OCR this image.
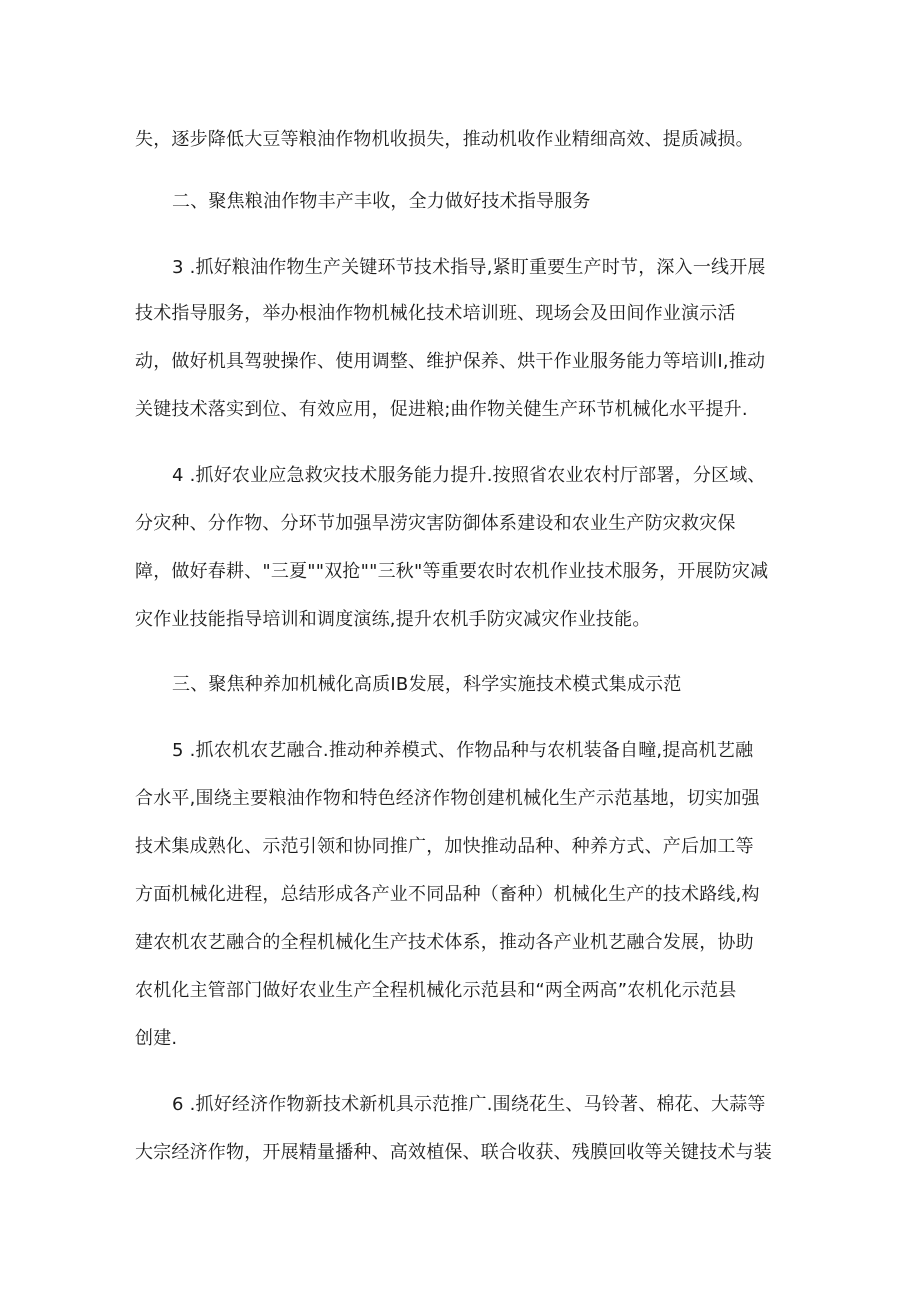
失，逐步降低大豆等粮油作物机收损失，推动机收作业精细高效、提质减损。
二、聚焦粮油作物丰产丰收，全力做好技术指导服务
3 .抓好粮油作物生产关键环节技术指导,紧盯重要生产时节，深入一线开展
技术指导服务，举办根油作物机械化技术培训班、现场会及田间作业演示活
动，做好机具驾驶操作、使用调整、维护保养、烘干作业服务能力等培训I,推动
关键技术落实到位、有效应用，促进粮;曲作物关健生产环节机械化水平提升.
4 .抓好农业应急救灾技术服务能力提升.按照省农业农村厅部署，分区域、
分灾种、分作物、分环节加强旱涝灾害防御体系建设和农业生产防灾救灾保
障，做好春耕、"三夏""双抢""三秋"等重要农时农机作业技术服务，开展防灾减
灾作业技能指导培训和调度演练,提升农机手防灾减灾作业技能。
三、聚焦种养加机械化高质IB发展，科学实施技术模式集成示范
5 .抓农机农艺融合.推动种养模式、作物品种与农机装备自疃,提高机艺融
合水平,围绕主要粮油作物和特色经济作物创建机械化生产示范基地，切实加强
技术集成熟化、示范引领和协同推广，加快推动品种、种养方式、产后加工等
方面机械化进程，总结形成各产业不同品种（畜种）机械化生产的技术路线,构
建农机农艺融合的全程机械化生产技术体系，推动各产业机艺融合发展，协助
农机化主管部门做好农业生产全程机械化示范县和“两全两高”农机化示范县
创建.
6 .抓好经济作物新技术新机具示范推广.围绕花生、马铃著、棉花、大蒜等
大宗经济作物，开展精量播种、高效植保、联合收获、残膜回收等关键技术与装
